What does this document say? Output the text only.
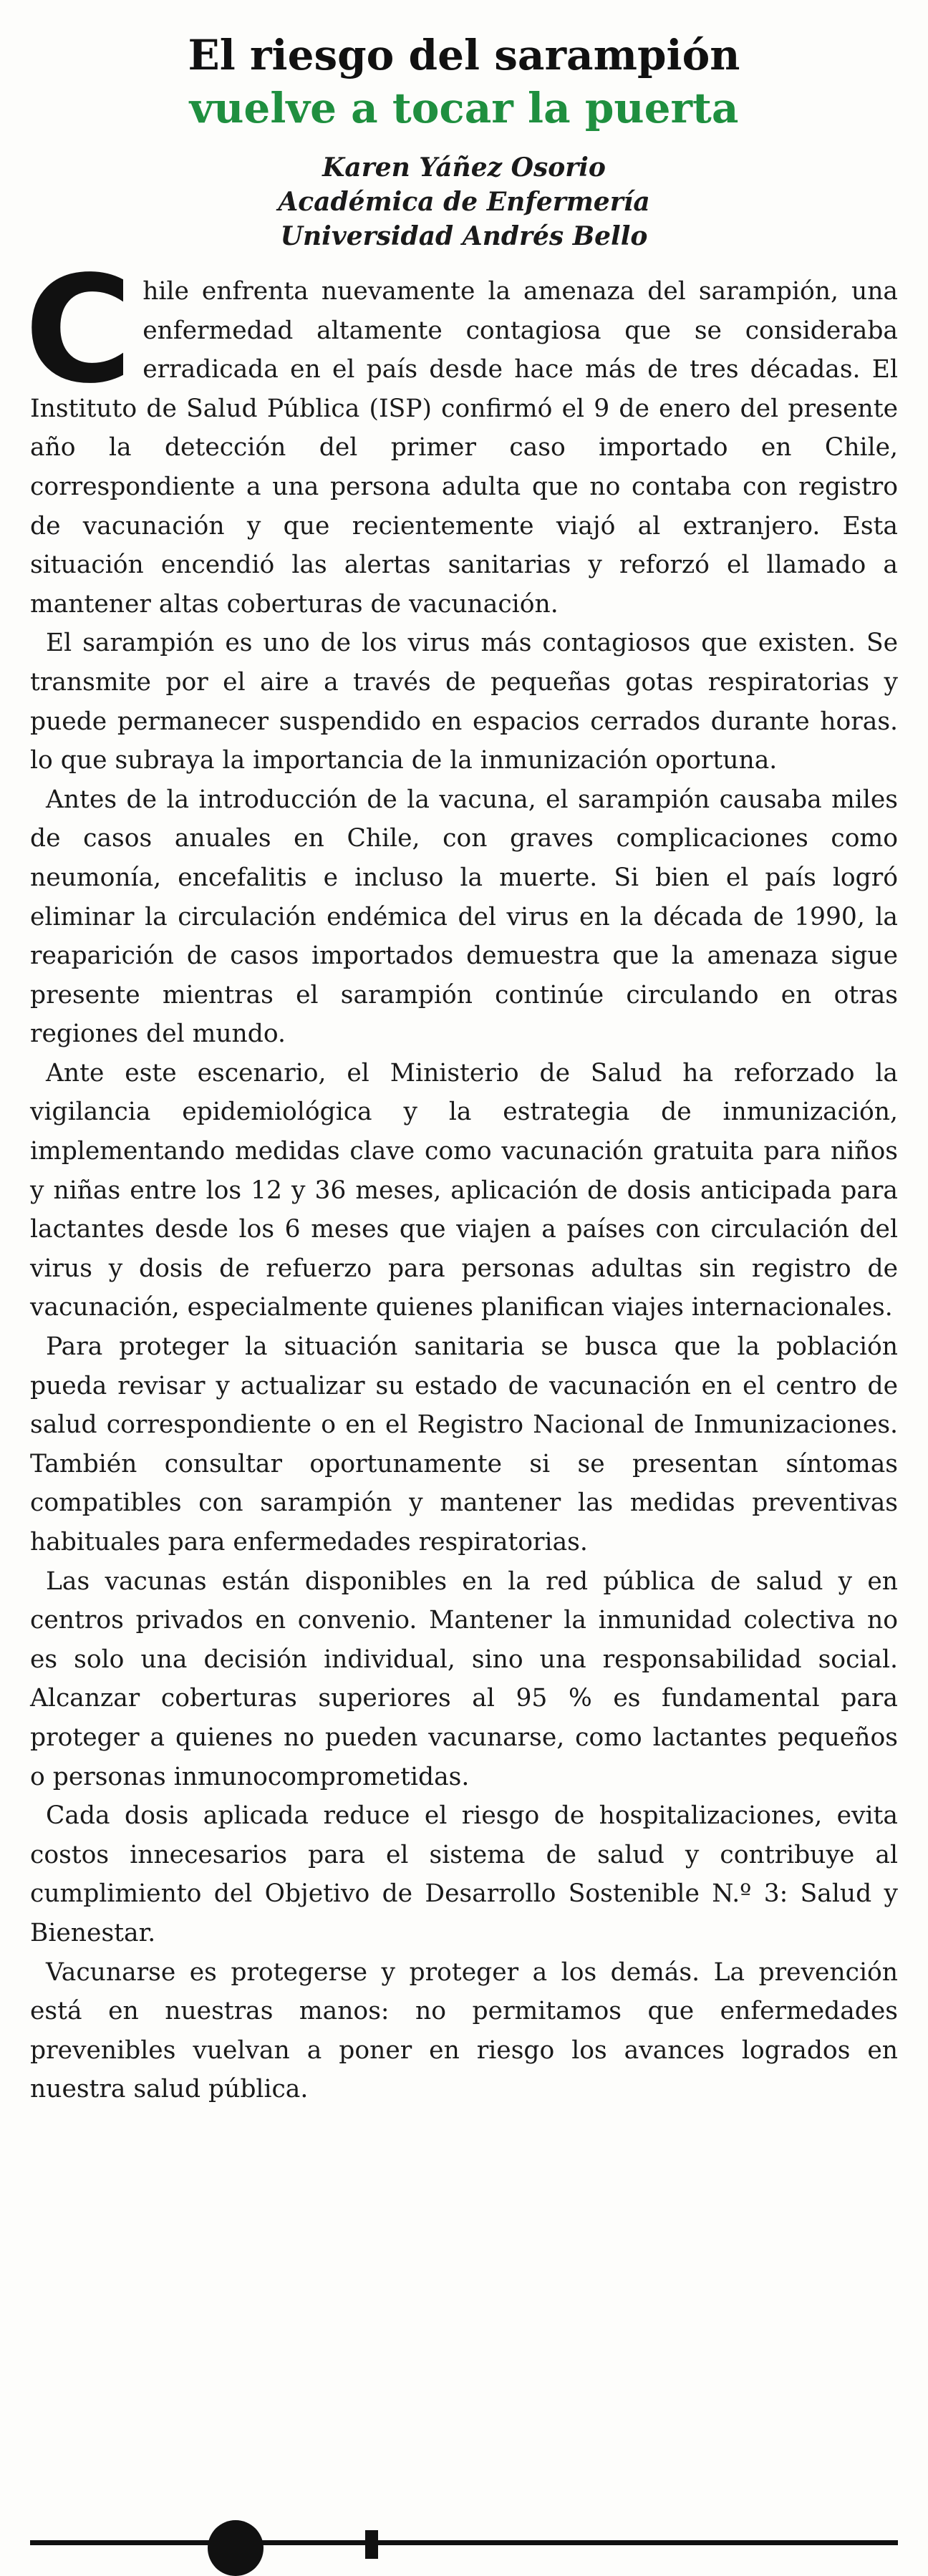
El riesgo del sarampión
vuelve a tocar la puerta

Karen Yáñez Osorio

Académica de Enfermería

Universidad Andrés Bello

Chile enfrenta nuevamente la amenaza del sarampión, una enfermedad altamente contagiosa que se consideraba erradicada en el país desde hace más de tres décadas. El Instituto de Salud Pública (ISP) confirmó el 9 de enero del presente año la detección del primer caso importado en Chile, correspondiente a una persona adulta que no contaba con registro de vacunación y que recientemente viajó al extranjero. Esta situación encendió las alertas sanitarias y reforzó el llamado a mantener altas coberturas de vacunación.

El sarampión es uno de los virus más contagiosos que existen. Se transmite por el aire a través de pequeñas gotas respiratorias y puede permanecer suspendido en espacios cerrados durante horas. lo que subraya la importancia de la inmunización oportuna.

Antes de la introducción de la vacuna, el sarampión causaba miles de casos anuales en Chile, con graves complicaciones como neumonía, encefalitis e incluso la muerte. Si bien el país logró eliminar la circulación endémica del virus en la década de 1990, la reaparición de casos importados demuestra que la amenaza sigue presente mientras el sarampión continúe circulando en otras regiones del mundo.

Ante este escenario, el Ministerio de Salud ha reforzado la vigilancia epidemiológica y la estrategia de inmunización, implementando medidas clave como vacunación gratuita para niños y niñas entre los 12 y 36 meses, aplicación de dosis anticipada para lactantes desde los 6 meses que viajen a países con circulación del virus y dosis de refuerzo para personas adultas sin registro de vacunación, especialmente quienes planifican viajes internacionales.

Para proteger la situación sanitaria se busca que la población pueda revisar y actualizar su estado de vacunación en el centro de salud correspondiente o en el Registro Nacional de Inmunizaciones. También consultar oportunamente si se presentan síntomas compatibles con sarampión y mantener las medidas preventivas habituales para enfermedades respiratorias.

Las vacunas están disponibles en la red pública de salud y en centros privados en convenio. Mantener la inmunidad colectiva no es solo una decisión individual, sino una responsabilidad social. Alcanzar coberturas superiores al 95 % es fundamental para proteger a quienes no pueden vacunarse, como lactantes pequeños o personas inmunocomprometidas.

Cada dosis aplicada reduce el riesgo de hospitalizaciones, evita costos innecesarios para el sistema de salud y contribuye al cumplimiento del Objetivo de Desarrollo Sostenible N.º 3: Salud y Bienestar.

Vacunarse es protegerse y proteger a los demás. La prevención está en nuestras manos: no permitamos que enfermedades prevenibles vuelvan a poner en riesgo los avances logrados en nuestra salud pública.
